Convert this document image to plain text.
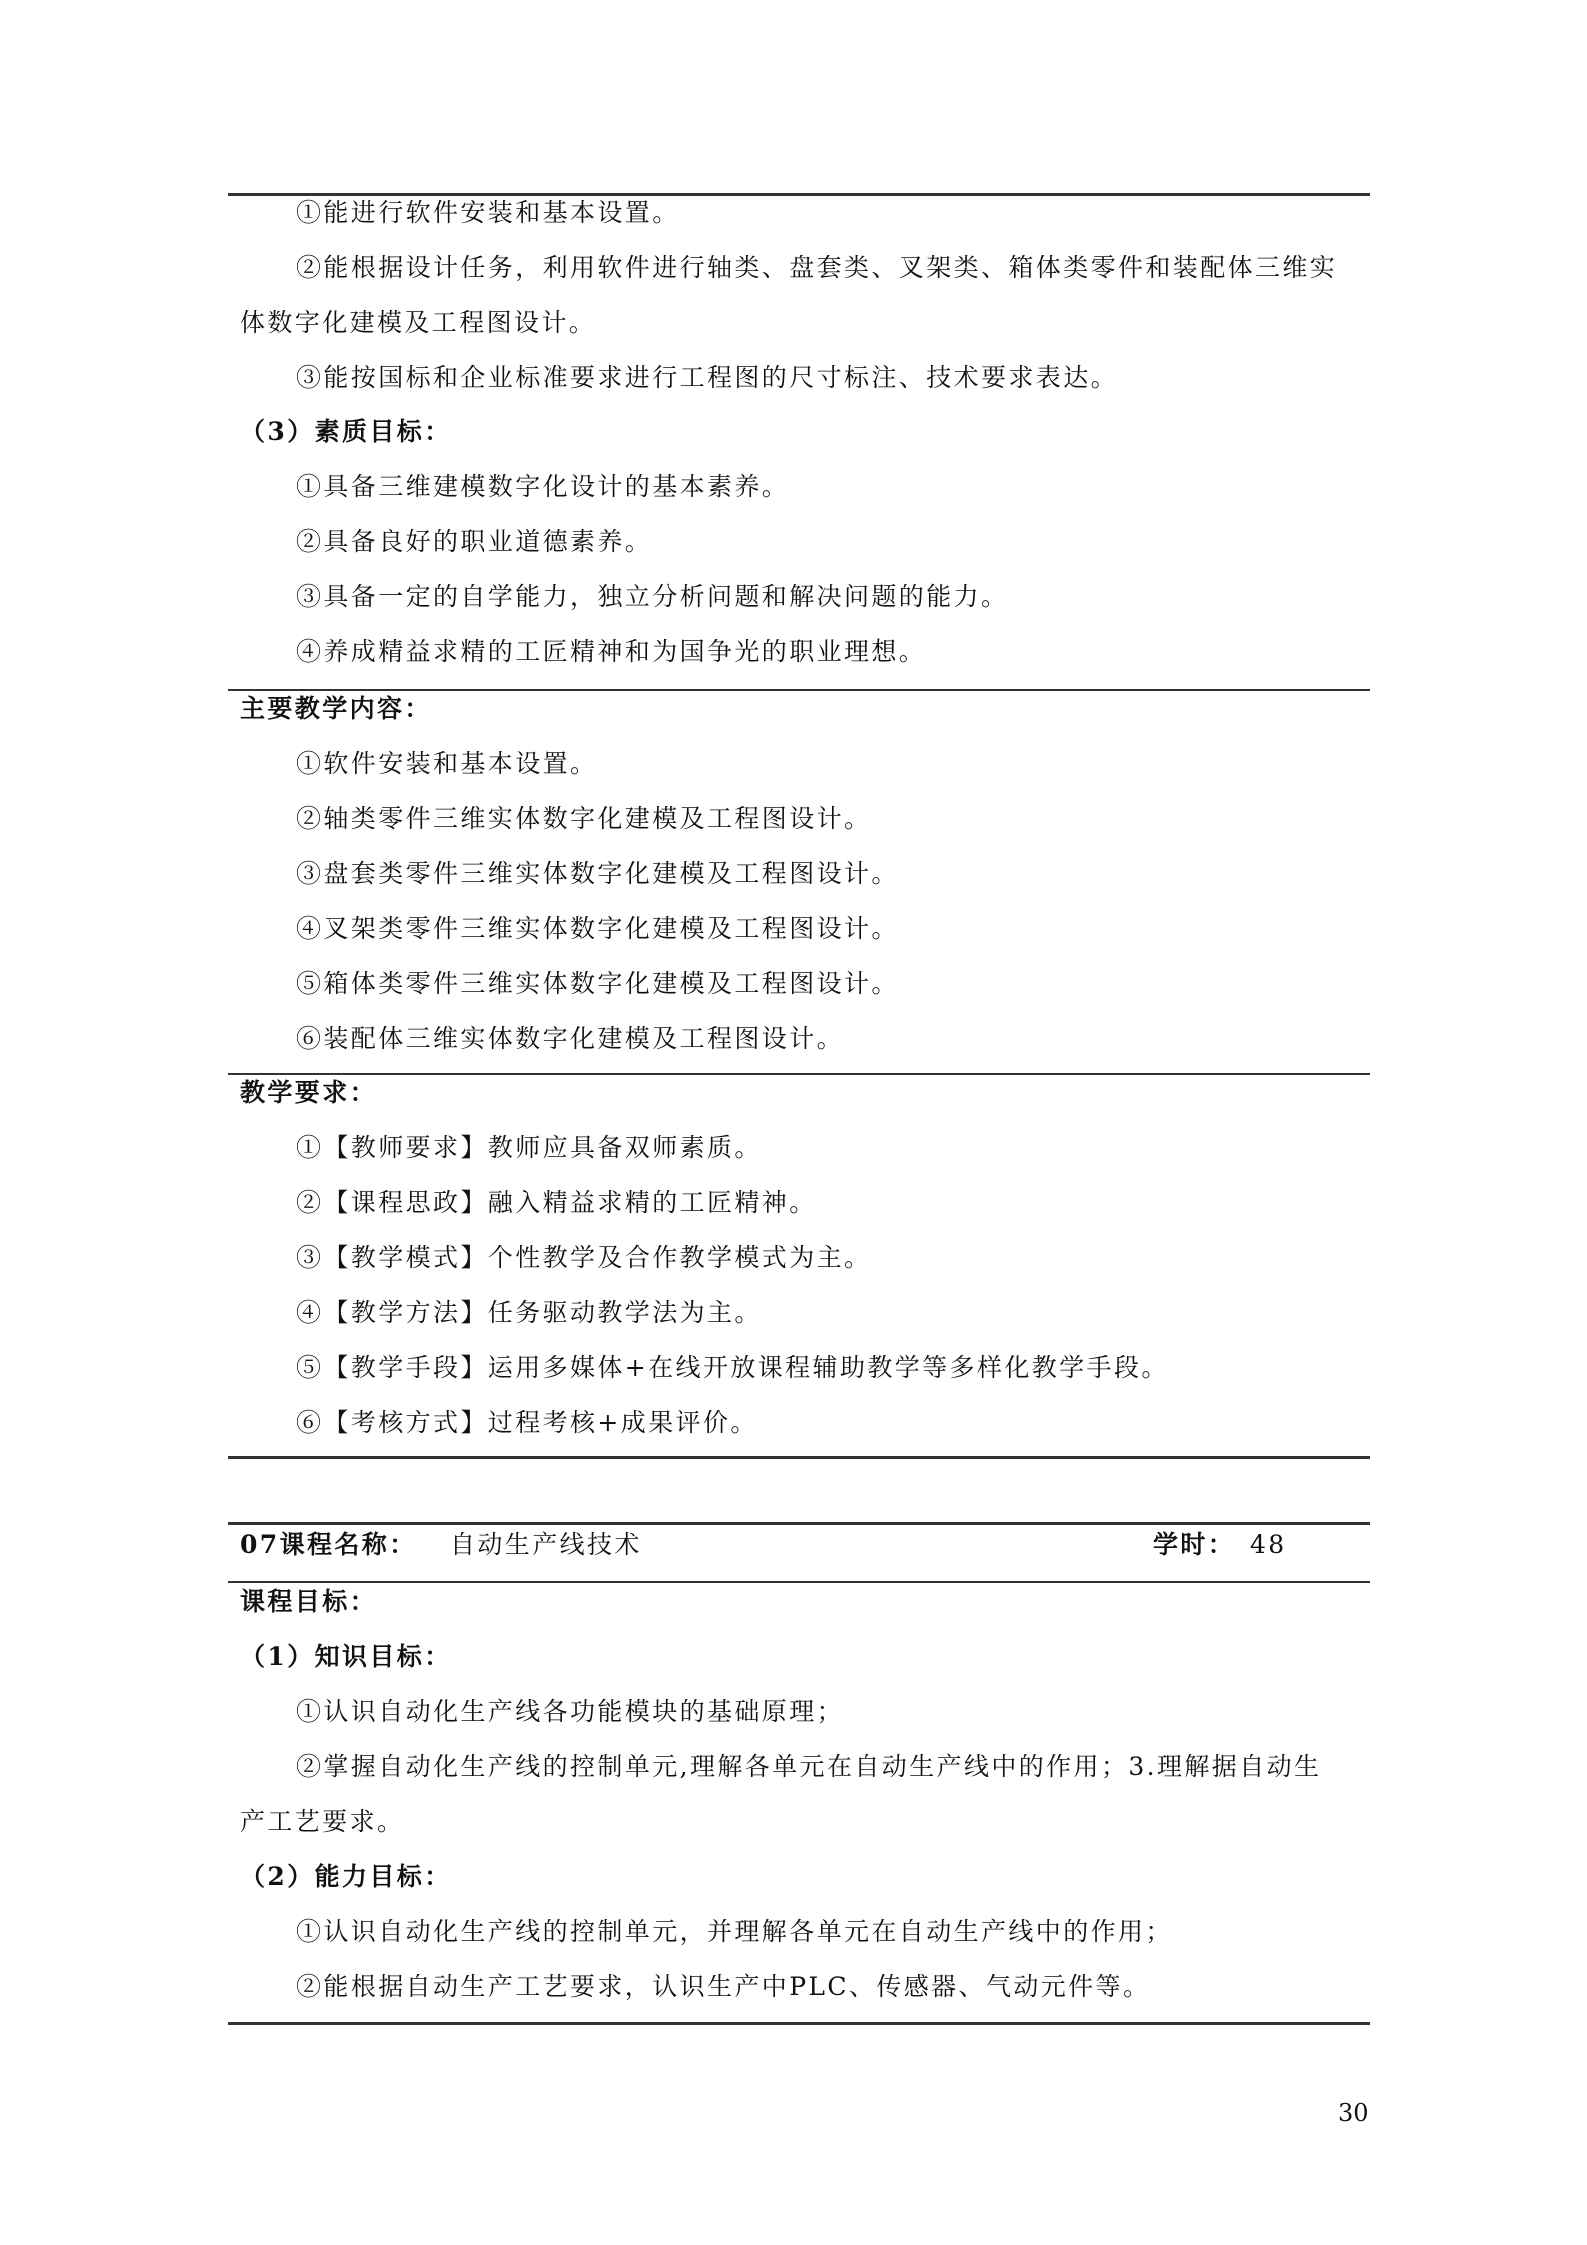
①能进行软件安装和基本设置。
②能根据设计任务，利用软件进行轴类、盘套类、叉架类、箱体类零件和装配体三维实
体数字化建模及工程图设计。
③能按国标和企业标准要求进行工程图的尺寸标注、技术要求表达。
（3）素质目标：
①具备三维建模数字化设计的基本素养。
②具备良好的职业道德素养。
③具备一定的自学能力，独立分析问题和解决问题的能力。
④养成精益求精的工匠精神和为国争光的职业理想。
主要教学内容：
①软件安装和基本设置。
②轴类零件三维实体数字化建模及工程图设计。
③盘套类零件三维实体数字化建模及工程图设计。
④叉架类零件三维实体数字化建模及工程图设计。
⑤箱体类零件三维实体数字化建模及工程图设计。
⑥装配体三维实体数字化建模及工程图设计。
教学要求：
①【教师要求】教师应具备双师素质。
②【课程思政】融入精益求精的工匠精神。
③【教学模式】个性教学及合作教学模式为主。
④【教学方法】任务驱动教学法为主。
⑤【教学手段】运用多媒体+在线开放课程辅助教学等多样化教学手段。
⑥【考核方式】过程考核+成果评价。
07课程名称： 自动生产线技术	学时： 48
课程目标：
（1）知识目标：
①认识自动化生产线各功能模块的基础原理；
②掌握自动化生产线的控制单元,理解各单元在自动生产线中的作用；3.理解据自动生
产工艺要求。
（2）能力目标：
①认识自动化生产线的控制单元，并理解各单元在自动生产线中的作用；
②能根据自动生产工艺要求，认识生产中PLC、传感器、气动元件等。
30
